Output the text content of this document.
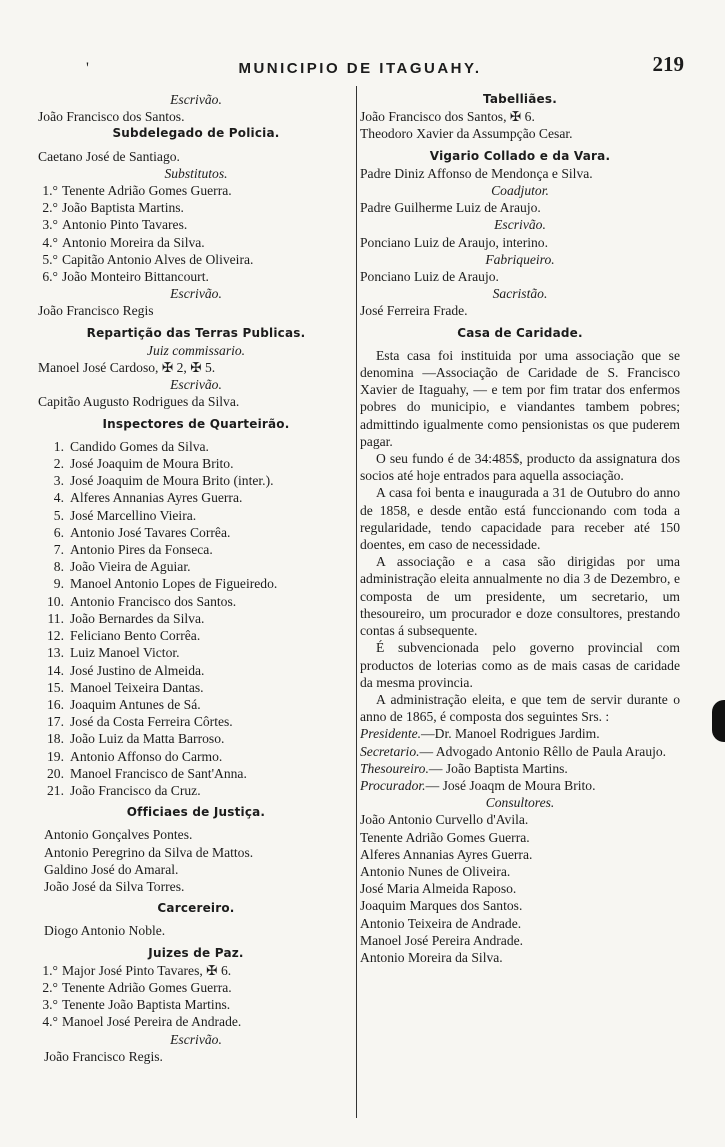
'	MUNICIPIO DE ITAGUAHY.	219
Escrivão.
João Francisco dos Santos.
Subdelegado de Policia.
Caetano José de Santiago.
Substitutos.
1.° Tenente Adrião Gomes Guerra.
2.° João Baptista Martins.
3.° Antonio Pinto Tavares.
4.° Antonio Moreira da Silva.
5.° Capitão Antonio Alves de Oliveira.
6.° João Monteiro Bittancourt.
Escrivão.
João Francisco Regis
Repartição das Terras Publicas.
Juiz commissario.
Manoel José Cardoso, ✠ 2, ✠ 5.
Escrivão.
Capitão Augusto Rodrigues da Silva.
Inspectores de Quarteirão.
1. Candido Gomes da Silva.
2. José Joaquim de Moura Brito.
3. José Joaquim de Moura Brito (inter.).
4. Alferes Annanias Ayres Guerra.
5. José Marcellino Vieira.
6. Antonio José Tavares Corrêa.
7. Antonio Pires da Fonseca.
8. João Vieira de Aguiar.
9. Manoel Antonio Lopes de Figueiredo.
10. Antonio Francisco dos Santos.
11. João Bernardes da Silva.
12. Feliciano Bento Corrêa.
13. Luiz Manoel Victor.
14. José Justino de Almeida.
15. Manoel Teixeira Dantas.
16. Joaquim Antunes de Sá.
17. José da Costa Ferreira Côrtes.
18. João Luiz da Matta Barroso.
19. Antonio Affonso do Carmo.
20. Manoel Francisco de Sant'Anna.
21. João Francisco da Cruz.
Officiaes de Justiça.
Antonio Gonçalves Pontes.
Antonio Peregrino da Silva de Mattos.
Galdino José do Amaral.
João José da Silva Torres.
Carcereiro.
Diogo Antonio Noble.
Juizes de Paz.
1.° Major José Pinto Tavares, ✠ 6.
2.° Tenente Adrião Gomes Guerra.
3.° Tenente João Baptista Martins.
4.° Manoel José Pereira de Andrade.
Escrivão.
João Francisco Regis.
Tabelliães.
João Francisco dos Santos, ✠ 6.
Theodoro Xavier da Assumpção Cesar.
Vigario Collado e da Vara.
Padre Diniz Affonso de Mendonça e Silva.
Coadjutor.
Padre Guilherme Luiz de Araujo.
Escrivão.
Ponciano Luiz de Araujo, interino.
Fabriqueiro.
Ponciano Luiz de Araujo.
Sacristão.
José Ferreira Frade.
Casa de Caridade.
Esta casa foi instituida por uma associação que se denomina —Associação de Caridade de S. Francisco Xavier de Itaguahy, — e tem por fim tratar dos enfermos pobres do municipio, e viandantes tambem pobres; admittindo igualmente como pensionistas os que puderem pagar.
O seu fundo é de 34:485$, producto da assignatura dos socios até hoje entrados para aquella associação.
A casa foi benta e inaugurada a 31 de Outubro do anno de 1858, e desde então está funccionando com toda a regularidade, tendo capacidade para receber até 150 doentes, em caso de necessidade.
A associação e a casa são dirigidas por uma administração eleita annualmente no dia 3 de Dezembro, e composta de um presidente, um secretario, um thesoureiro, um procurador e doze consultores, prestando contas á subsequente.
É subvencionada pelo governo provincial com productos de loterias como as de mais casas de caridade da mesma provincia.
A administração eleita, e que tem de servir durante o anno de 1865, é composta dos seguintes Srs. :
Presidente.—Dr. Manoel Rodrigues Jardim.
Secretario.— Advogado Antonio Rêllo de Paula Araujo.
Thesoureiro.— João Baptista Martins.
Procurador.— José Joaqm de Moura Brito.
Consultores.
João Antonio Curvello d'Avila.
Tenente Adrião Gomes Guerra.
Alferes Annanias Ayres Guerra.
Antonio Nunes de Oliveira.
José Maria Almeida Raposo.
Joaquim Marques dos Santos.
Antonio Teixeira de Andrade.
Manoel José Pereira Andrade.
Antonio Moreira da Silva.
